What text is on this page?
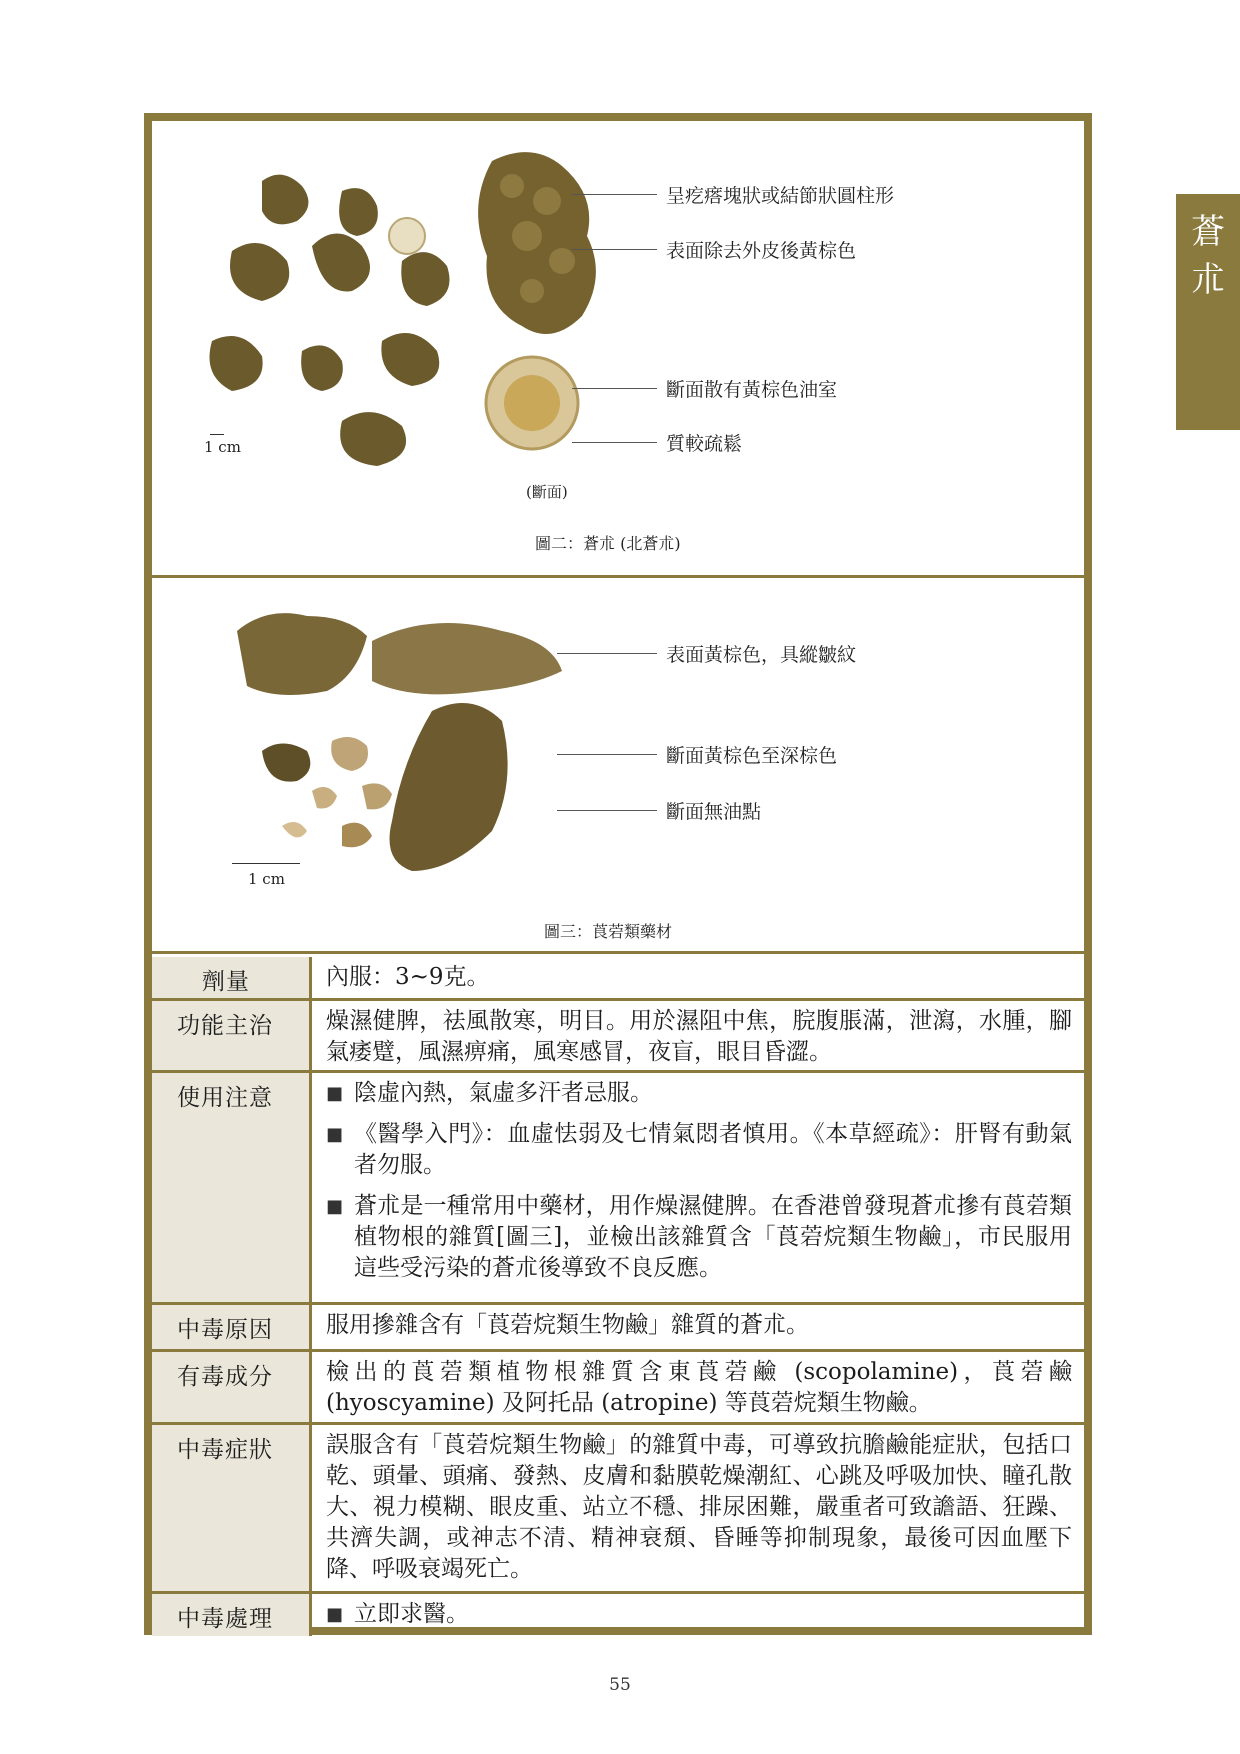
蒼
朮
1 cm
呈疙瘩塊狀或結節狀圓柱形
表面除去外皮後黃棕色
斷面散有黃棕色油室
質較疏鬆
(斷面)
圖二：蒼朮 (北蒼朮)
1 cm
表面黃棕色，具縱皺紋
斷面黃棕色至深棕色
斷面無油點
圖三：莨菪類藥材
劑量	內服：3~9克。
功能主治	燥濕健脾，祛風散寒，明目。用於濕阻中焦，脘腹脹滿，泄瀉，水腫，腳氣痿躄，風濕痹痛，風寒感冒，夜盲，眼目昏澀。
使用注意	■ 陰虛內熱，氣虛多汗者忌服。
■ 《醫學入門》：血虛怯弱及七情氣悶者慎用。《本草經疏》：肝腎有動氣者勿服。
■ 蒼朮是一種常用中藥材，用作燥濕健脾。在香港曾發現蒼朮摻有莨菪類植物根的雜質[圖三]，並檢出該雜質含「莨菪烷類生物鹼」，市民服用這些受污染的蒼朮後導致不良反應。
中毒原因	服用摻雜含有「莨菪烷類生物鹼」雜質的蒼朮。
有毒成分	檢出的莨菪類植物根雜質含東莨菪鹼 (scopolamine)，莨菪鹼 (hyoscyamine) 及阿托品 (atropine) 等莨菪烷類生物鹼。
中毒症狀	誤服含有「莨菪烷類生物鹼」的雜質中毒，可導致抗膽鹼能症狀，包括口乾、頭暈、頭痛、發熱、皮膚和黏膜乾燥潮紅、心跳及呼吸加快、瞳孔散大、視力模糊、眼皮重、站立不穩、排尿困難，嚴重者可致譫語、狂躁、共濟失調，或神志不清、精神衰頹、昏睡等抑制現象，最後可因血壓下降、呼吸衰竭死亡。
中毒處理	■ 立即求醫。
55
